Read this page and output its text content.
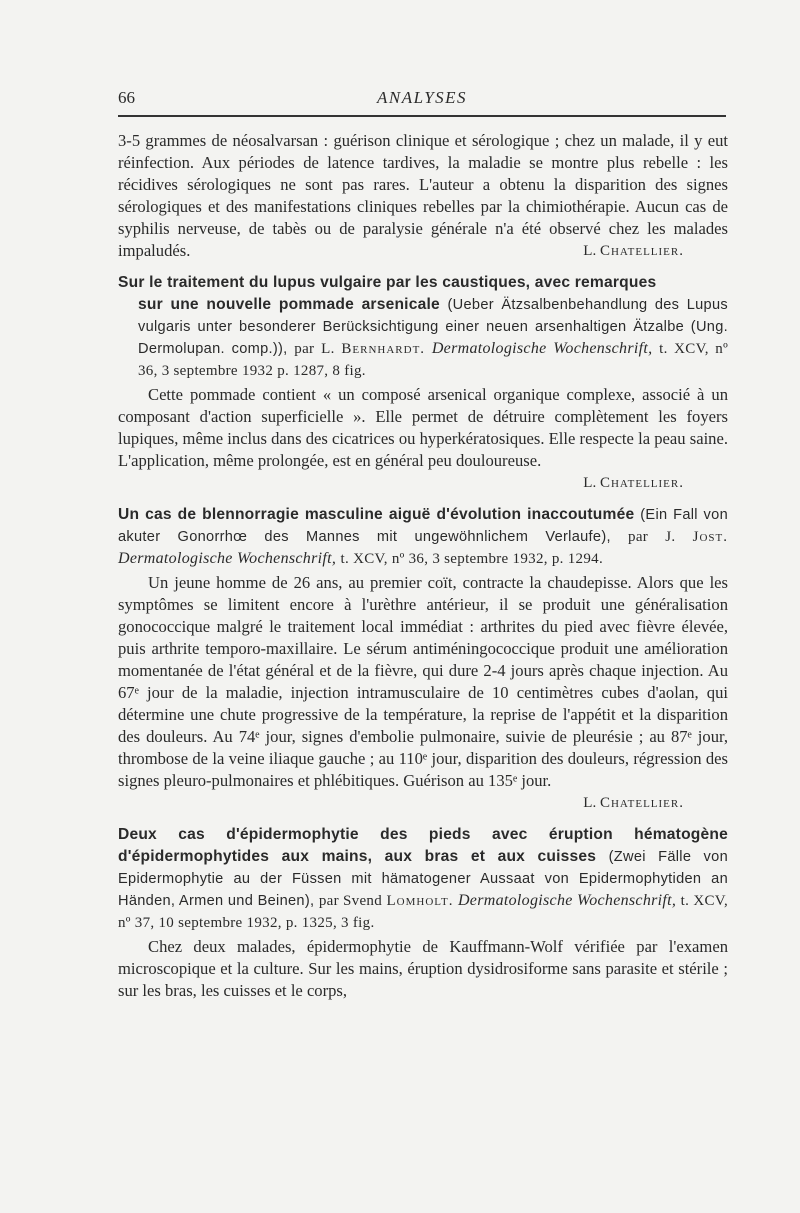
66	ANALYSES

3-5 grammes de néosalvarsan : guérison clinique et sérologique ; chez un malade, il y eut réinfection. Aux périodes de latence tardives, la maladie se montre plus rebelle : les récidives sérologiques ne sont pas rares. L'auteur a obtenu la disparition des signes sérologiques et des manifestations cliniques rebelles par la chimiothérapie. Aucun cas de syphilis nerveuse, de tabès ou de paralysie générale n'a été observé chez les malades impaludés.	L. Chatellier.

Sur le traitement du lupus vulgaire par les caustiques, avec remarques
sur une nouvelle pommade arsenicale (Ueber Ätzsalbenbehandlung des Lupus vulgaris unter besonderer Berücksichtigung einer neuen arsenhaltigen Ätzalbe (Ung. Dermolupan. comp.)), par L. Bernhardt. Dermatologische Wochenschrift, t. XCV, nº 36, 3 septembre 1932 p. 1287, 8 fig.

Cette pommade contient « un composé arsenical organique complexe, associé à un composant d'action superficielle ». Elle permet de détruire complètement les foyers lupiques, même inclus dans des cicatrices ou hyperkératosiques. Elle respecte la peau saine. L'application, même prolongée, est en général peu douloureuse.

L. Chatellier.

Un cas de blennorragie masculine aiguë d'évolution inaccoutumée (Ein Fall von akuter Gonorrhœ des Mannes mit ungewöhnlichem Verlaufe), par J. Jost. Dermatologische Wochenschrift, t. XCV, nº 36, 3 septembre 1932, p. 1294.

Un jeune homme de 26 ans, au premier coït, contracte la chaudepisse. Alors que les symptômes se limitent encore à l'urèthre antérieur, il se produit une généralisation gonococcique malgré le traitement local immédiat : arthrites du pied avec fièvre élevée, puis arthrite temporo-maxillaire. Le sérum antiméningococcique produit une amélioration momentanée de l'état général et de la fièvre, qui dure 2-4 jours après chaque injection. Au 67ᵉ jour de la maladie, injection intramusculaire de 10 centimètres cubes d'aolan, qui détermine une chute progressive de la température, la reprise de l'appétit et la disparition des douleurs. Au 74ᵉ jour, signes d'embolie pulmonaire, suivie de pleurésie ; au 87ᵉ jour, thrombose de la veine iliaque gauche ; au 110ᵉ jour, disparition des douleurs, régression des signes pleuro-pulmonaires et phlébitiques. Guérison au 135ᵉ jour.

L. Chatellier.

Deux cas d'épidermophytie des pieds avec éruption hématogène d'épidermophytides aux mains, aux bras et aux cuisses (Zwei Fälle von Epidermophytie au der Füssen mit hämatogener Aussaat von Epidermophytiden an Händen, Armen und Beinen), par Svend Lomholt. Dermatologische Wochenschrift, t. XCV, nº 37, 10 septembre 1932, p. 1325, 3 fig.

Chez deux malades, épidermophytie de Kauffmann-Wolf vérifiée par l'examen microscopique et la culture. Sur les mains, éruption dysidrosiforme sans parasite et stérile ; sur les bras, les cuisses et le corps,
